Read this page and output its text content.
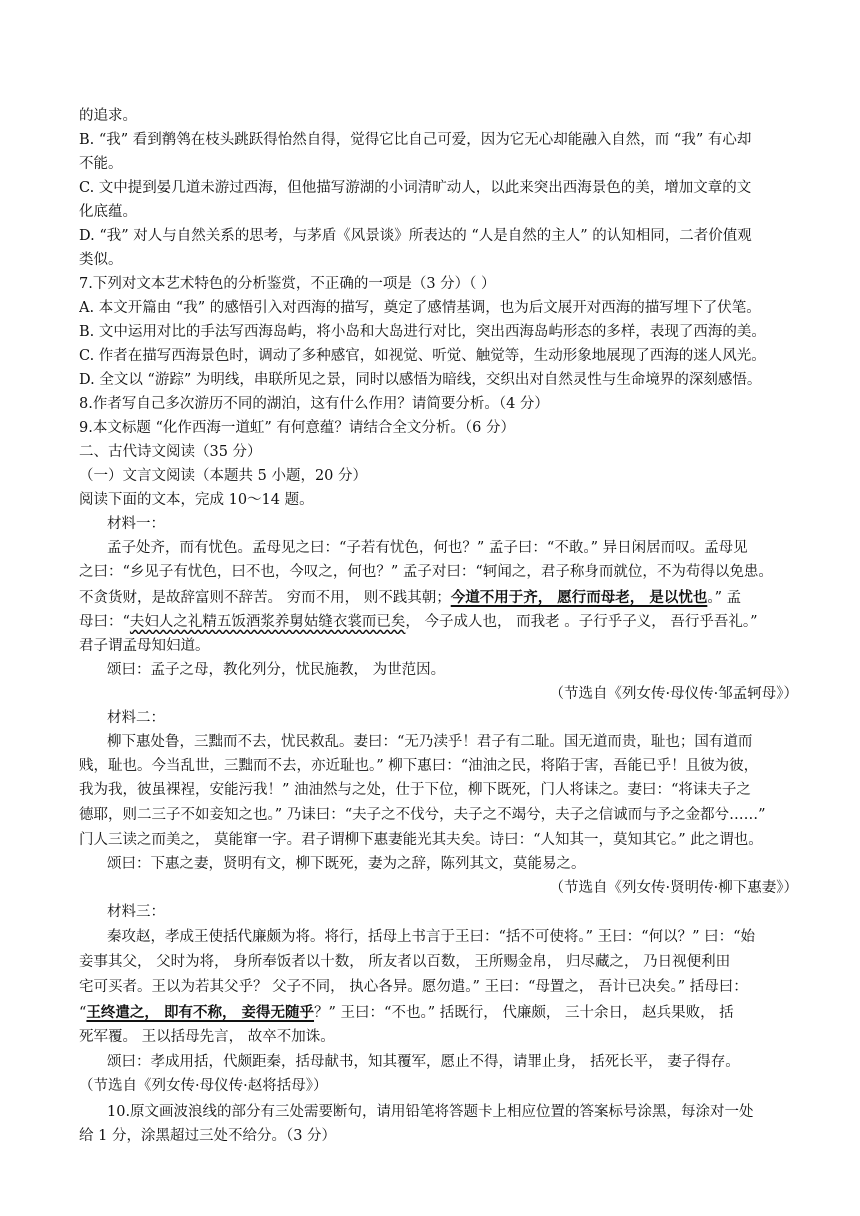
的追求。
B. “我” 看到鹡鸰在枝头跳跃得怡然自得，觉得它比自己可爱，因为它无心却能融入自然，而 “我” 有心却
不能。
C. 文中提到晏几道未游过西海，但他描写游湖的小词清旷动人，以此来突出西海景色的美，增加文章的文
化底蕴。
D. “我” 对人与自然关系的思考，与茅盾《风景谈》所表达的 “人是自然的主人” 的认知相同，二者价值观
类似。
7.下列对文本艺术特色的分析鉴赏，不正确的一项是（3 分）（ ）
A. 本文开篇由 “我” 的感悟引入对西海的描写，奠定了感情基调，也为后文展开对西海的描写埋下了伏笔。
B. 文中运用对比的手法写西海岛屿，将小岛和大岛进行对比，突出西海岛屿形态的多样，表现了西海的美。
C. 作者在描写西海景色时，调动了多种感官，如视觉、听觉、触觉等，生动形象地展现了西海的迷人风光。
D. 全文以 “游踪” 为明线，串联所见之景，同时以感悟为暗线，交织出对自然灵性与生命境界的深刻感悟。
8.作者写自己多次游历不同的湖泊，这有什么作用？请简要分析。（4 分）
9.本文标题 “化作西海一道虹” 有何意蕴？请结合全文分析。（6 分）
二、古代诗文阅读（35 分）
（一）文言文阅读（本题共 5 小题，20 分）
阅读下面的文本，完成 10～14 题。
材料一：
孟子处齐，而有忧色。孟母见之曰：“子若有忧色，何也？” 孟子曰：“不敢。” 异日闲居而叹。孟母见
之曰：“乡见子有忧色，曰不也，今叹之，何也？” 孟子对曰：“轲闻之，君子称身而就位，不为苟得以免患。
不贪货财，是故辞富则不辞苦。 穷而不用， 则不践其朝；今道不用于齐， 愿行而母老， 是以忧也。” 孟
母曰：“夫妇人之礼精五饭酒浆养舅姑缝衣裳而已矣， 今子成人也， 而我老 。子行乎子义， 吾行乎吾礼。”
君子谓孟母知妇道。
颂曰：孟子之母，教化列分，忧民施教， 为世范因。
（节选自《列女传·母仪传·邹孟轲母》）
材料二：
柳下惠处鲁，三黜而不去，忧民救乱。妻曰：“无乃渎乎！君子有二耻。国无道而贵，耻也；国有道而
贱，耻也。今当乱世，三黜而不去，亦近耻也。” 柳下惠曰：“油油之民，将陷于害，吾能已乎！且彼为彼，
我为我，彼虽裸裎，安能污我！” 油油然与之处，仕于下位，柳下既死，门人将诔之。妻曰：“将诔夫子之
德耶，则二三子不如妾知之也。” 乃诔曰：“夫子之不伐兮，夫子之不竭兮，夫子之信诚而与予之金都兮……”
门人三读之而美之， 莫能窜一字。君子谓柳下惠妻能光其夫矣。诗曰：“人知其一，莫知其它。” 此之谓也。
颂曰：下惠之妻，贤明有文，柳下既死，妻为之辞，陈列其文，莫能易之。
（节选自《列女传·贤明传·柳下惠妻》）
材料三：
秦攻赵，孝成王使括代廉颇为将。将行，括母上书言于王曰：“括不可使将。” 王曰：“何以？” 曰：“始
妾事其父， 父时为将， 身所奉饭者以十数， 所友者以百数， 王所赐金帛， 归尽藏之， 乃日视便利田
宅可买者。王以为若其父乎？ 父子不同， 执心各异。愿勿遣。” 王曰：“母置之， 吾计已决矣。” 括母曰：
“王终遣之， 即有不称， 妾得无随乎？” 王曰：“不也。” 括既行， 代廉颇， 三十余日， 赵兵果败， 括
死军覆。 王以括母先言， 故卒不加诛。
颂曰：孝成用括，代颇距秦，括母献书，知其覆军，愿止不得，请罪止身， 括死长平， 妻子得存。
（节选自《列女传·母仪传·赵将括母》）
10.原文画波浪线的部分有三处需要断句，请用铅笔将答题卡上相应位置的答案标号涂黑，每涂对一处
给 1 分，涂黑超过三处不给分。（3 分）
